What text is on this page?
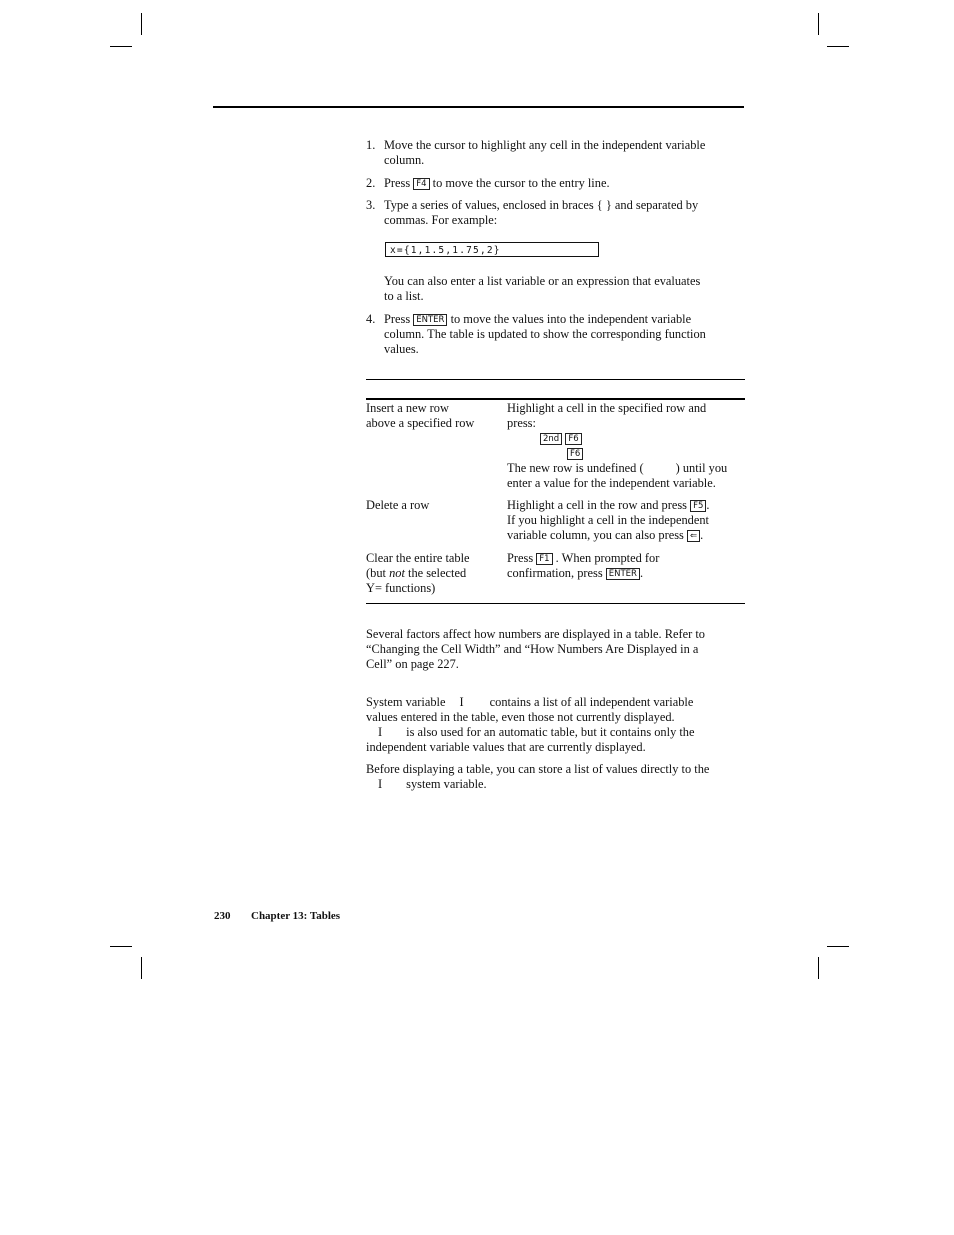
1. Move the cursor to highlight any cell in the independent variable
column.
2. Press F4 to move the cursor to the entry line.
3. Type a series of values, enclosed in braces { } and separated by
commas. For example:
x={1,1.5,1.75,2}
You can also enter a list variable or an expression that evaluates
to a list.
4. Press ENTER to move the values into the independent variable
column. The table is updated to show the corresponding function
values.
Insert a new row
above a specified row
Highlight a cell in the specified row and
press:
2nd F6
F6
The new row is undefined (	) until you
enter a value for the independent variable.
Delete a row	Highlight a cell in the row and press F5 .
If you highlight a cell in the independent
variable column, you can also press ⇐ .
Clear the entire table
(but not the selected
Y= functions)
Press F1 . When prompted for
confirmation, press ENTER .
Several factors affect how numbers are displayed in a table. Refer to
“Changing the Cell Width” and “How Numbers Are Displayed in a
Cell” on page 227.
System variable I contains a list of all independent variable
values entered in the table, even those not currently displayed.
I is also used for an automatic table, but it contains only the
independent variable values that are currently displayed.
Before displaying a table, you can store a list of values directly to the
I system variable.
230 Chapter 13: Tables
